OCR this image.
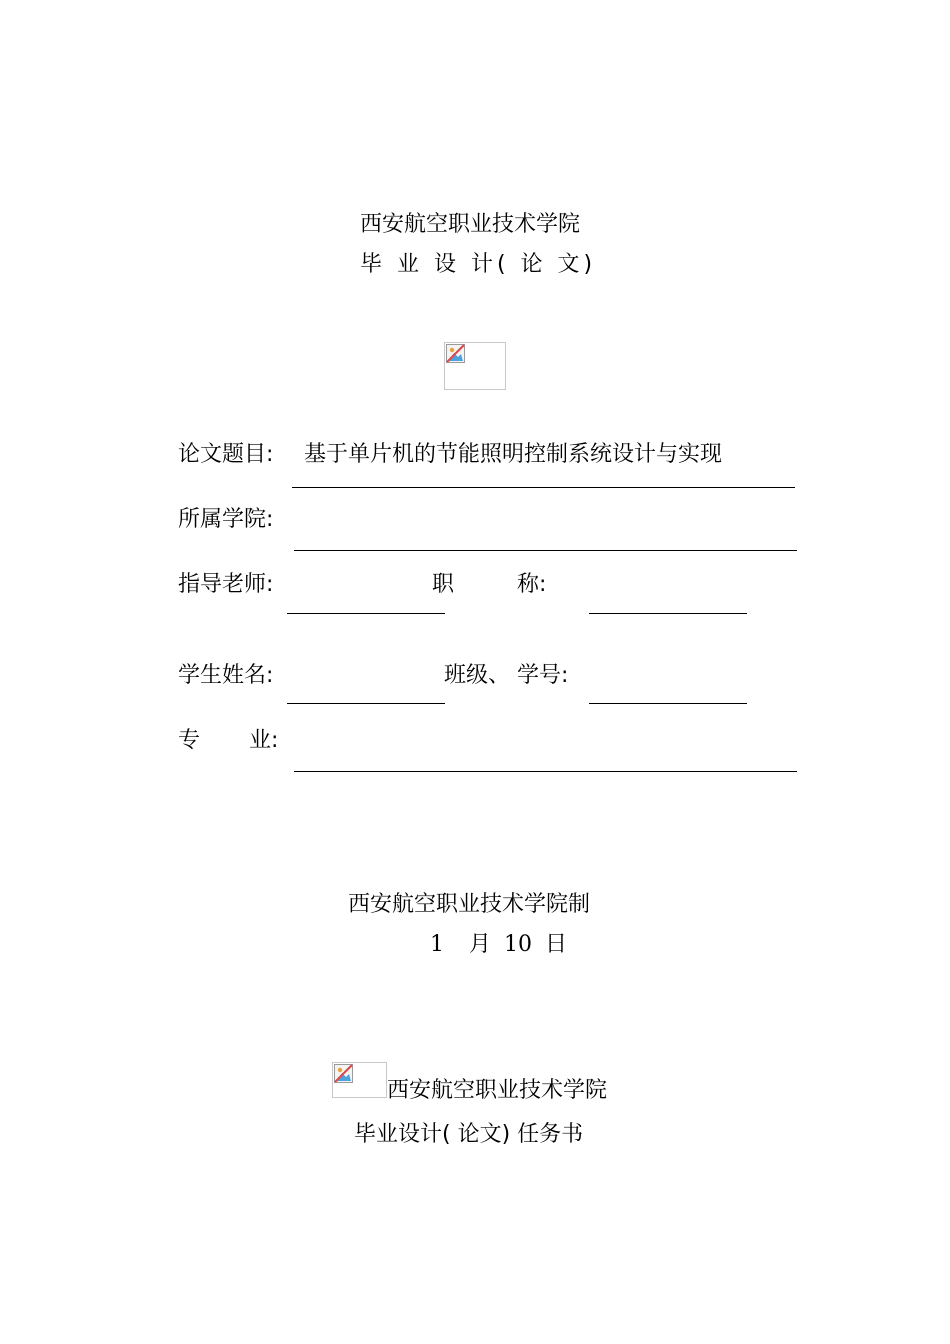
西安航空职业技术学院
毕 业 设 计( 论 文)
论文题目: 基于单片机的节能照明控制系统设计与实现
所属学院:
指导老师:	职         称:
学生姓名:	班级、 学号:
专       业:
西安航空职业技术学院制
1 月 10 日
西安航空职业技术学院
毕业设计( 论文) 任务书
